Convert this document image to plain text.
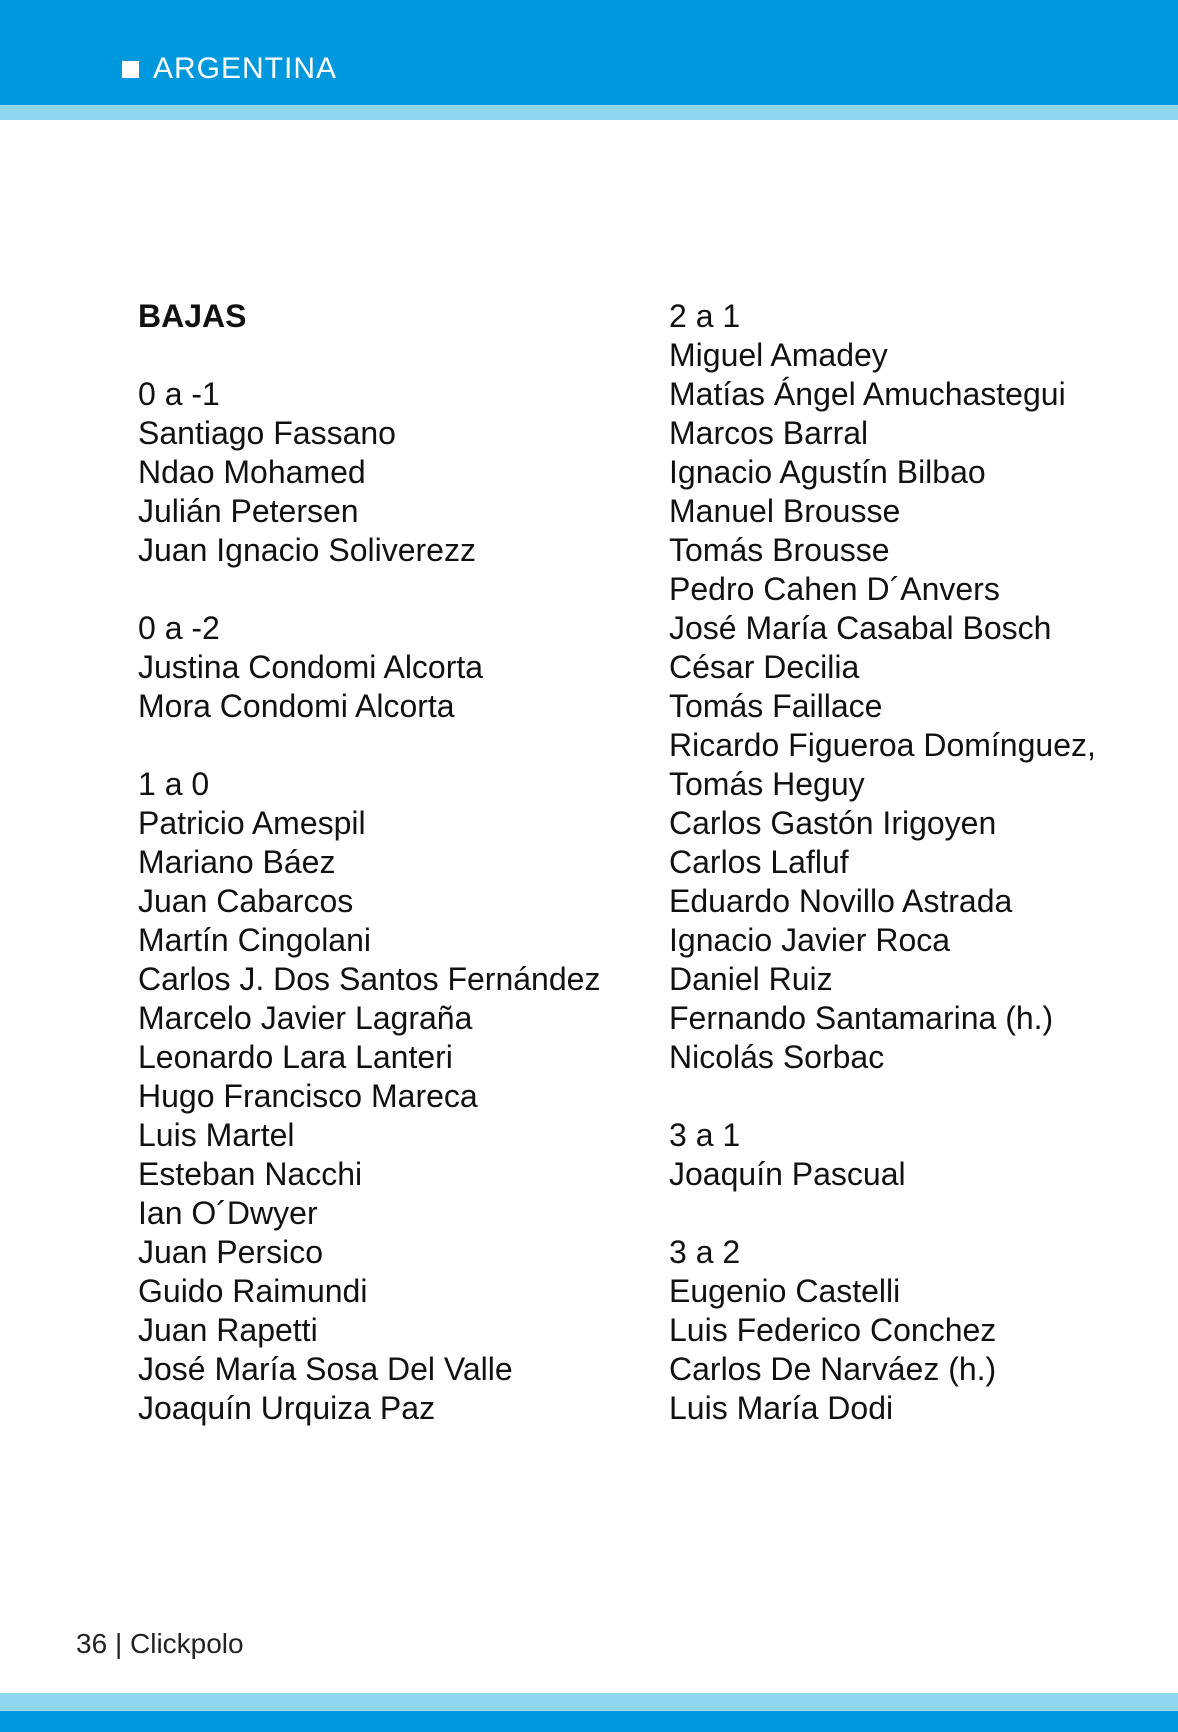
ARGENTINA
BAJAS
0 a -1
Santiago Fassano
Ndao Mohamed
Julián Petersen
Juan Ignacio Soliverezz
0 a -2
Justina Condomi Alcorta
Mora Condomi Alcorta
1 a 0
Patricio Amespil
Mariano Báez
Juan Cabarcos
Martín Cingolani
Carlos J. Dos Santos Fernández
Marcelo Javier Lagraña
Leonardo Lara Lanteri
Hugo Francisco Mareca
Luis Martel
Esteban Nacchi
Ian O´Dwyer
Juan Persico
Guido Raimundi
Juan Rapetti
José María Sosa Del Valle
Joaquín Urquiza Paz
2 a 1
Miguel Amadey
Matías Ángel Amuchastegui
Marcos Barral
Ignacio Agustín Bilbao
Manuel Brousse
Tomás Brousse
Pedro Cahen D´Anvers
José María Casabal Bosch
César Decilia
Tomás Faillace
Ricardo Figueroa Domínguez,
Tomás Heguy
Carlos Gastón Irigoyen
Carlos Lafluf
Eduardo Novillo Astrada
Ignacio Javier Roca
Daniel Ruiz
Fernando Santamarina (h.)
Nicolás Sorbac
3 a 1
Joaquín Pascual
3 a 2
Eugenio Castelli
Luis Federico Conchez
Carlos De Narváez (h.)
Luis María Dodi
36 | Clickpolo
